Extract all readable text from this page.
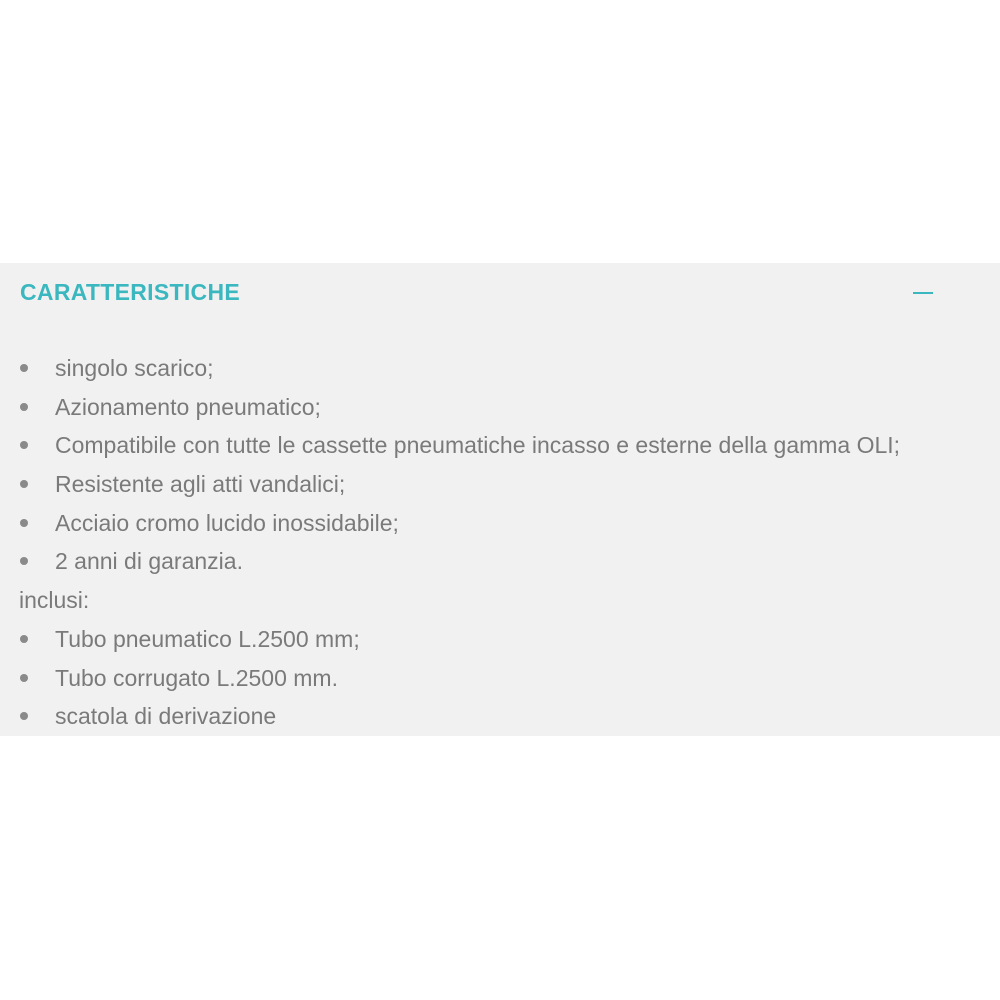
CARATTERISTICHE
singolo scarico;
Azionamento pneumatico;
Compatibile con tutte le cassette pneumatiche incasso e esterne della gamma OLI;
Resistente agli atti vandalici;
Acciaio cromo lucido inossidabile;
2 anni di garanzia.
inclusi:
Tubo pneumatico L.2500 mm;
Tubo corrugato L.2500 mm.
scatola di derivazione
